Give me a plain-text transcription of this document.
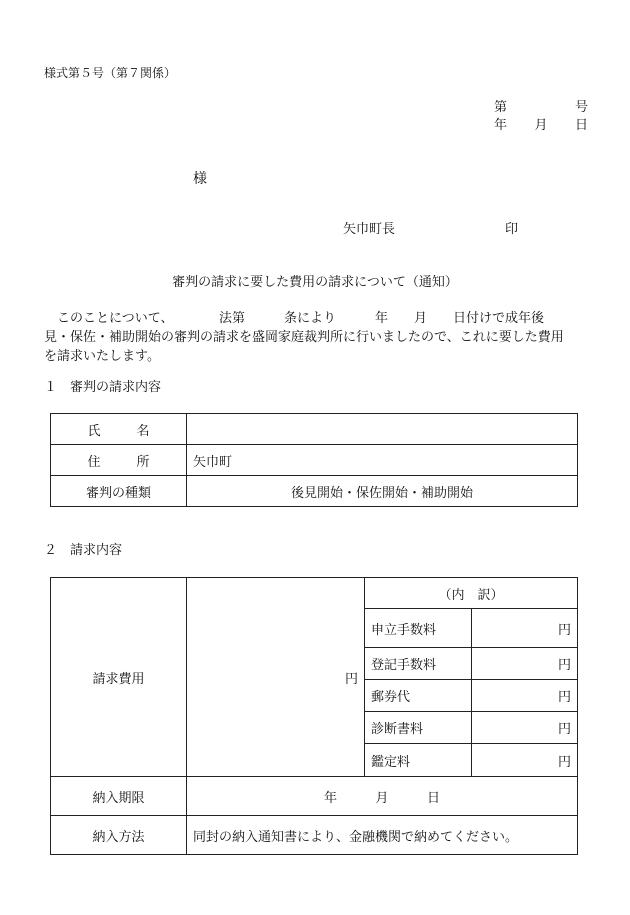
様式第５号（第７関係）
第	号
年 月 日
様
矢巾町長	印
審判の請求に要した費用の請求について（通知）
　このことについて、　　　　法第　　　条により　　　年　　月　　日付けで成年後
見・保佐・補助開始の審判の請求を盛岡家庭裁判所に行いましたので、これに要した費用
を請求いたします。
１　審判の請求内容
氏 名	

住 所	矢巾町
審判の種類	後見開始・保佐開始・補助開始
２　請求内容
請求費用	円	（内　訳）	
		申立手数料	円
		登記手数料	円
		郵券代	円
		診断書料	円
		鑑定料	円
納入期限	年 月 日		

納入方法	同封の納入通知書により、金融機関で納めてください。		
